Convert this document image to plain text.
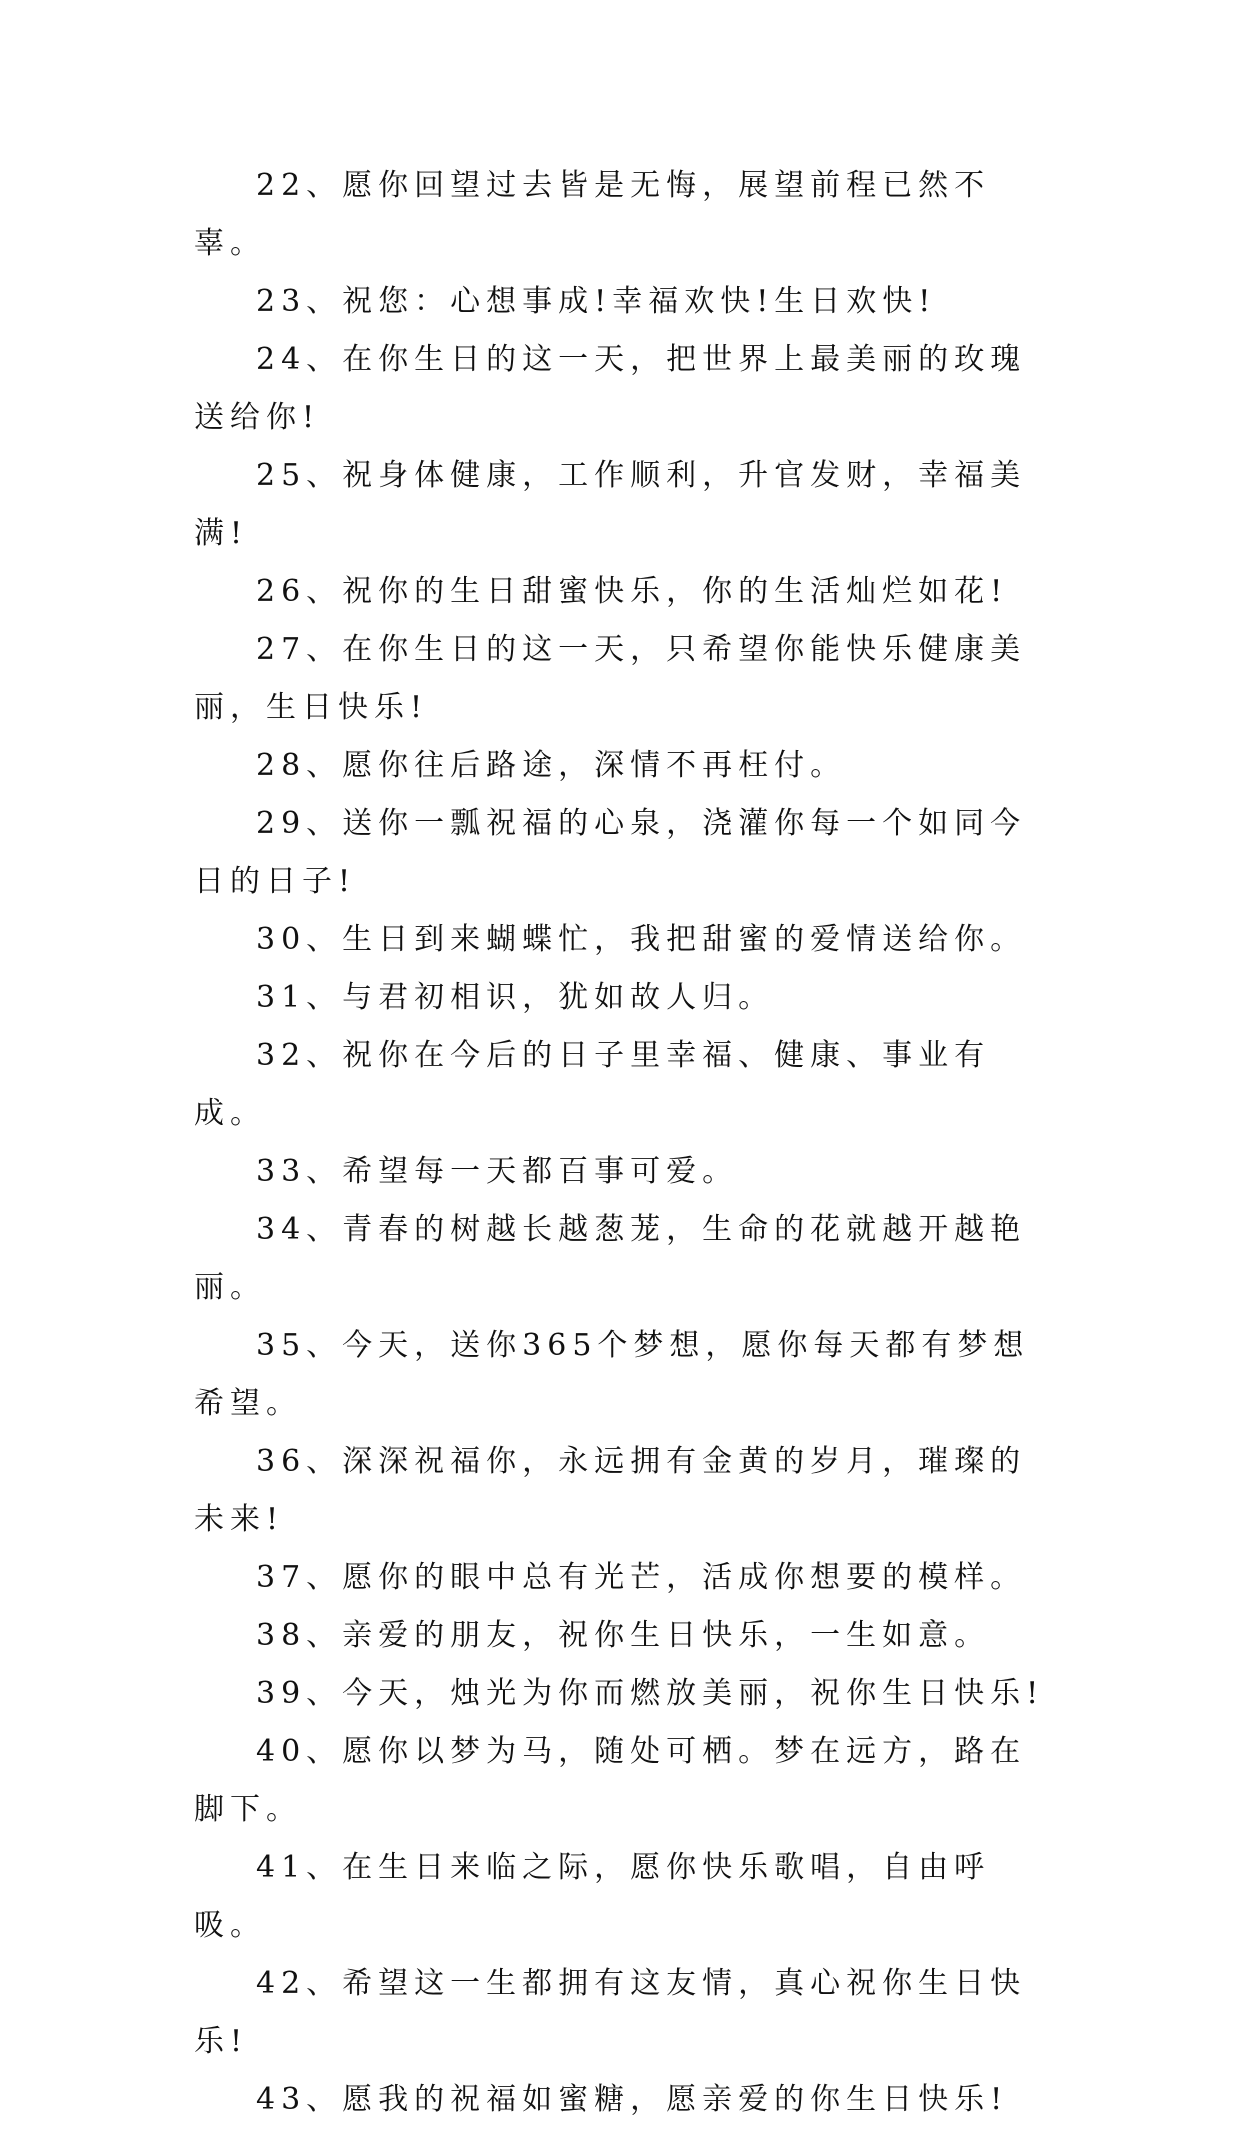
22、愿你回望过去皆是无悔，展望前程已然不辜。

23、祝您：心想事成!幸福欢快!生日欢快!

24、在你生日的这一天，把世界上最美丽的玫瑰送给你!

25、祝身体健康，工作顺利，升官发财，幸福美满!

26、祝你的生日甜蜜快乐，你的生活灿烂如花!

27、在你生日的这一天，只希望你能快乐健康美丽，生日快乐!

28、愿你往后路途，深情不再枉付。

29、送你一瓢祝福的心泉，浇灌你每一个如同今日的日子!

30、生日到来蝴蝶忙，我把甜蜜的爱情送给你。

31、与君初相识，犹如故人归。

32、祝你在今后的日子里幸福、健康、事业有成。

33、希望每一天都百事可爱。

34、青春的树越长越葱茏，生命的花就越开越艳丽。

35、今天，送你365个梦想，愿你每天都有梦想希望。

36、深深祝福你，永远拥有金黄的岁月，璀璨的未来!

37、愿你的眼中总有光芒，活成你想要的模样。

38、亲爱的朋友，祝你生日快乐，一生如意。

39、今天，烛光为你而燃放美丽，祝你生日快乐!

40、愿你以梦为马，随处可栖。梦在远方，路在脚下。

41、在生日来临之际，愿你快乐歌唱，自由呼吸。

42、希望这一生都拥有这友情，真心祝你生日快乐!

43、愿我的祝福如蜜糖，愿亲爱的你生日快乐!
